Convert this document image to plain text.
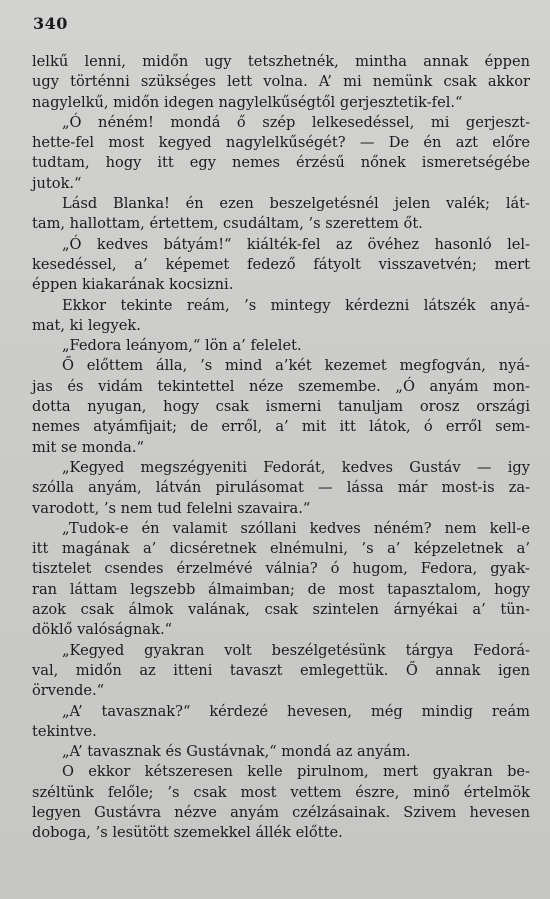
340
lelkű lenni, midőn ugy tetszhetnék, mintha annak éppen
ugy történni szükséges lett volna. A’ mi nemünk csak akkor
nagylelkű, midőn idegen nagylelkűségtől gerjesztetik-fel.“
„Ó néném! mondá ő szép lelkesedéssel, mi gerjeszt-
hette-fel most kegyed nagylelkűségét? — De én azt előre
tudtam, hogy itt egy nemes érzésű nőnek ismeretségébe
jutok.“
Lásd Blanka! én ezen beszelgetésnél jelen valék; lát-
tam, hallottam, értettem, csudáltam, ’s szerettem őt.
„Ó kedves bátyám!“ kiálték-fel az övéhez hasonló lel-
kesedéssel, a’ képemet fedező fátyolt visszavetvén; mert
éppen kiakarának kocsizni.
Ekkor tekinte reám, ’s mintegy kérdezni látszék anyá-
mat, ki legyek.
„Fedora leányom,“ lön a’ felelet.
Ő előttem álla, ’s mind a’két kezemet megfogván, nyá-
jas és vidám tekintettel néze szemembe. „Ó anyám mon-
dotta nyugan, hogy csak ismerni tanuljam orosz országi
nemes atyámfijait; de erről, a’ mit itt látok, ó erről sem-
mit se monda.“
„Kegyed megszégyeniti Fedorát, kedves Gustáv — igy
szólla anyám, látván pirulásomat — lássa már most-is za-
varodott, ’s nem tud felelni szavaira.“
„Tudok-e én valamit szóllani kedves néném? nem kell-e
itt magának a’ dicséretnek elnémulni, ’s a’ képzeletnek a’
tisztelet csendes érzelmévé válnia? ó hugom, Fedora, gyak-
ran láttam legszebb álmaimban; de most tapasztalom, hogy
azok csak álmok valának, csak szintelen árnyékai a’ tün-
döklő valóságnak.“
„Kegyed gyakran volt beszélgetésünk tárgya Fedorá-
val, midőn az itteni tavaszt emlegettük. Ő annak igen
örvende.“
„A’ tavasznak?“ kérdezé hevesen, még mindig reám
tekintve.
„A’ tavasznak és Gustávnak,“ mondá az anyám.
O ekkor kétszeresen kelle pirulnom, mert gyakran be-
széltünk felőle; ’s csak most vettem észre, minő értelmök
legyen Gustávra nézve anyám czélzásainak. Szivem hevesen
doboga, ’s lesütött szemekkel állék előtte.
